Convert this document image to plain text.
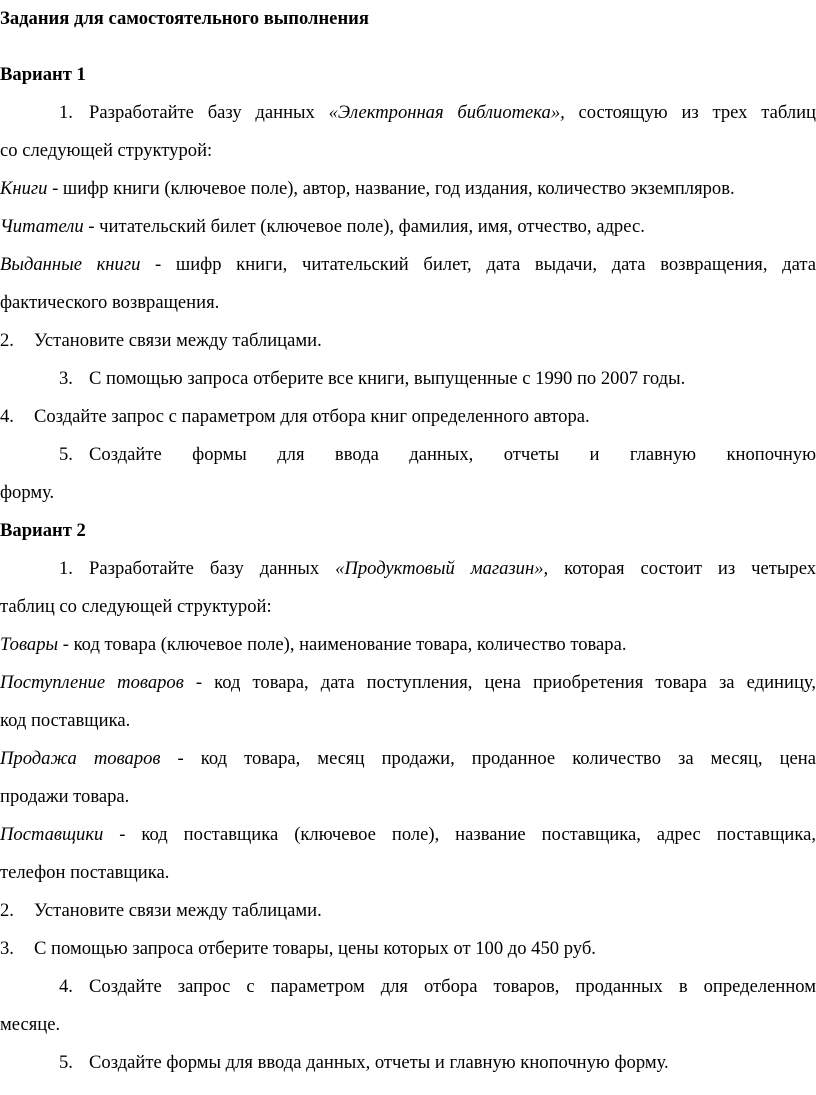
Задания для самостоятельного выполнения
Вариант 1
1. Разработайте базу данных «Электронная библиотека», состоящую из трех таблиц
со следующей структурой:
Книги - шифр книги (ключевое поле), автор, название, год издания, количество экземпляров.
Читатели - читательский билет (ключевое поле), фамилия, имя, отчество, адрес.
Выданные книги - шифр книги, читательский билет, дата выдачи, дата возвращения, дата
фактического возвращения.
2. Установите связи между таблицами.
3. С помощью запроса отберите все книги, выпущенные с 1990 по 2007 годы.
4. Создайте запрос с параметром для отбора книг определенного автора.
5. Создайте формы для ввода данных, отчеты и главную кнопочную
форму.
Вариант 2
1. Разработайте базу данных «Продуктовый магазин», которая состоит из четырех
таблиц со следующей структурой:
Товары - код товара (ключевое поле), наименование товара, количество товара.
Поступление товаров - код товара, дата поступления, цена приобретения товара за единицу,
код поставщика.
Продажа товаров - код товара, месяц продажи, проданное количество за месяц, цена
продажи товара.
Поставщики - код поставщика (ключевое поле), название поставщика, адрес поставщика,
телефон поставщика.
2. Установите связи между таблицами.
3. С помощью запроса отберите товары, цены которых от 100 до 450 руб.
4. Создайте запрос с параметром для отбора товаров, проданных в определенном
месяце.
5. Создайте формы для ввода данных, отчеты и главную кнопочную форму.
